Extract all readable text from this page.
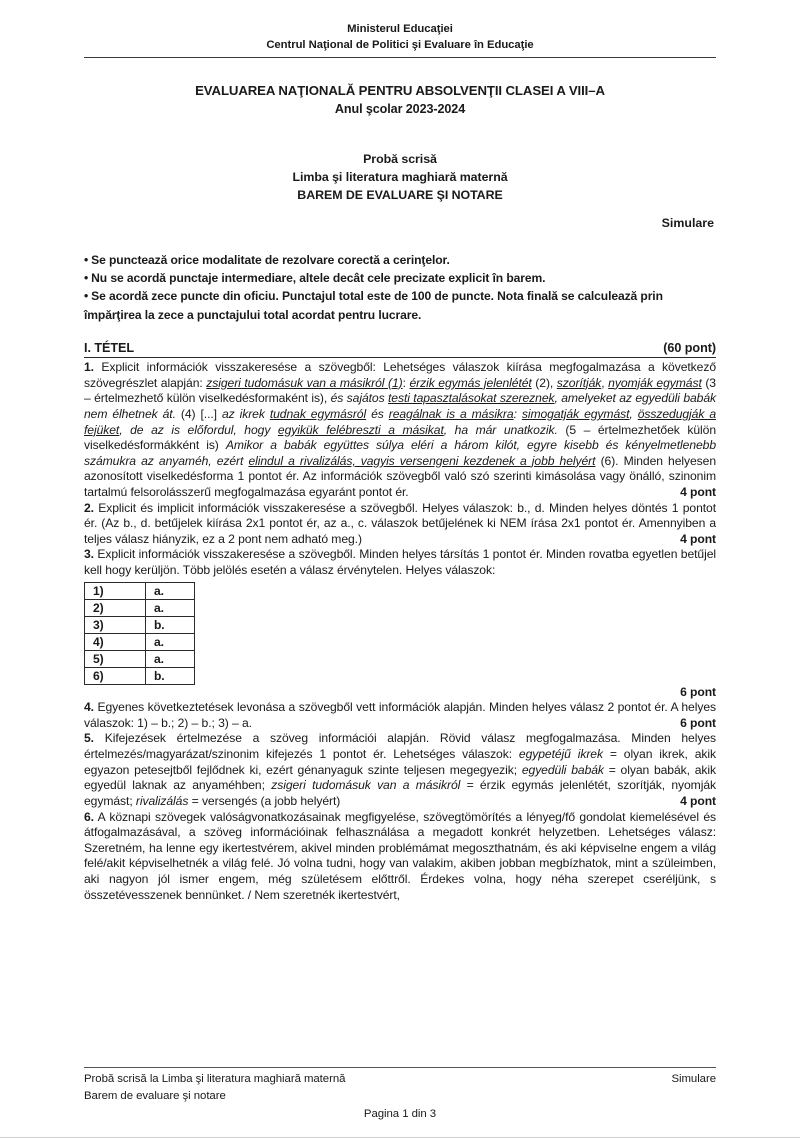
Ministerul Educaţiei
Centrul Naţional de Politici şi Evaluare în Educaţie
EVALUAREA NAŢIONALĂ PENTRU ABSOLVENŢII CLASEI A VIII–A
Anul şcolar 2023-2024
Probă scrisă
Limba şi literatura maghiară maternă
BAREM DE EVALUARE ŞI NOTARE
Simulare

• Se punctează orice modalitate de rezolvare corectă a cerinţelor.

• Nu se acordă punctaje intermediare, altele decât cele precizate explicit în barem.

• Se acordă zece puncte din oficiu. Punctajul total este de 100 de puncte. Nota finală se calculează prin împărţirea la zece a punctajului total acordat pentru lucrare.

I. TÉTEL	(60 pont)

1. Explicit információk visszakeresése a szövegből: Lehetséges válaszok kiírása megfogalmazása a következő szövegrészlet alapján: zsigeri tudomásuk van a másikról (1): érzik egymás jelenlétét (2), szorítják, nyomják egymást (3 – értelmezhető külön viselkedésformaként is), és sajátos testi tapasztalásokat szereznek, amelyeket az egyedüli babák nem élhetnek át. (4) [...] az ikrek tudnak egymásról és reagálnak is a másikra: simogatják egymást, összedugják a fejüket, de az is előfordul, hogy egyikük felébreszti a másikat, ha már unatkozik. (5 – értelmezhetőek külön viselkedésformákként is) Amikor a babák együttes súlya eléri a három kilót, egyre kisebb és kényelmetlenebb számukra az anyaméh, ezért elindul a rivalizálás, vagyis versengeni kezdenek a jobb helyért (6). Minden helyesen azonosított viselkedésforma 1 pontot ér. Az információk szövegből való szó szerinti kimásolása vagy önálló, szinonim tartalmú felsorolásszerű megfogalmazása egyaránt pontot ér.	4 pont

2. Explicit és implicit információk visszakeresése a szövegből. Helyes válaszok: b., d. Minden helyes döntés 1 pontot ér. (Az b., d. betűjelek kiírása 2x1 pontot ér, az a., c. válaszok betűjelének ki NEM írása 2x1 pontot ér. Amennyiben a teljes válasz hiányzik, ez a 2 pont nem adható meg.)	4 pont

3. Explicit információk visszakeresése a szövegből. Minden helyes társítás 1 pontot ér. Minden rovatba egyetlen betűjel kell hogy kerüljön. Több jelölés esetén a válasz érvénytelen. Helyes válaszok:

1)	a.
2)	a.
3)	b.
4)	a.
5)	a.
6)	b.
6 pont

4. Egyenes következtetések levonása a szövegből vett információk alapján. Minden helyes válasz 2 pontot ér. A helyes válaszok: 1) – b.; 2) – b.; 3) – a.	6 pont

5. Kifejezések értelmezése a szöveg információi alapján. Rövid válasz megfogalmazása. Minden helyes értelmezés/magyarázat/szinonim kifejezés 1 pontot ér. Lehetséges válaszok: egypetéjű ikrek = olyan ikrek, akik egyazon petesejtből fejlődnek ki, ezért génanyaguk szinte teljesen megegyezik; egyedüli babák = olyan babák, akik egyedül laknak az anyaméhben; zsigeri tudomásuk van a másikról = érzik egymás jelenlétét, szorítják, nyomják egymást; rivalizálás = versengés (a jobb helyért)	4 pont

6. A köznapi szövegek valóságvonatkozásainak megfigyelése, szövegtömörítés a lényeg/fő gondolat kiemelésével és átfogalmazásával, a szöveg információinak felhasználása a megadott konkrét helyzetben. Lehetséges válasz: Szeretném, ha lenne egy ikertestvérem, akivel minden problémámat megoszthatnám, és aki képviselne engem a világ felé/akit képviselhetnék a világ felé. Jó volna tudni, hogy van valakim, akiben jobban megbízhatok, mint a szüleimben, aki nagyon jól ismer engem, még születésem előttről. Érdekes volna, hogy néha szerepet cseréljünk, s összetévesszenek bennünket. / Nem szeretnék ikertestvért,

Probă scrisă la Limba şi literatura maghiară maternă	Simulare
Barem de evaluare şi notare
Pagina 1 din 3
